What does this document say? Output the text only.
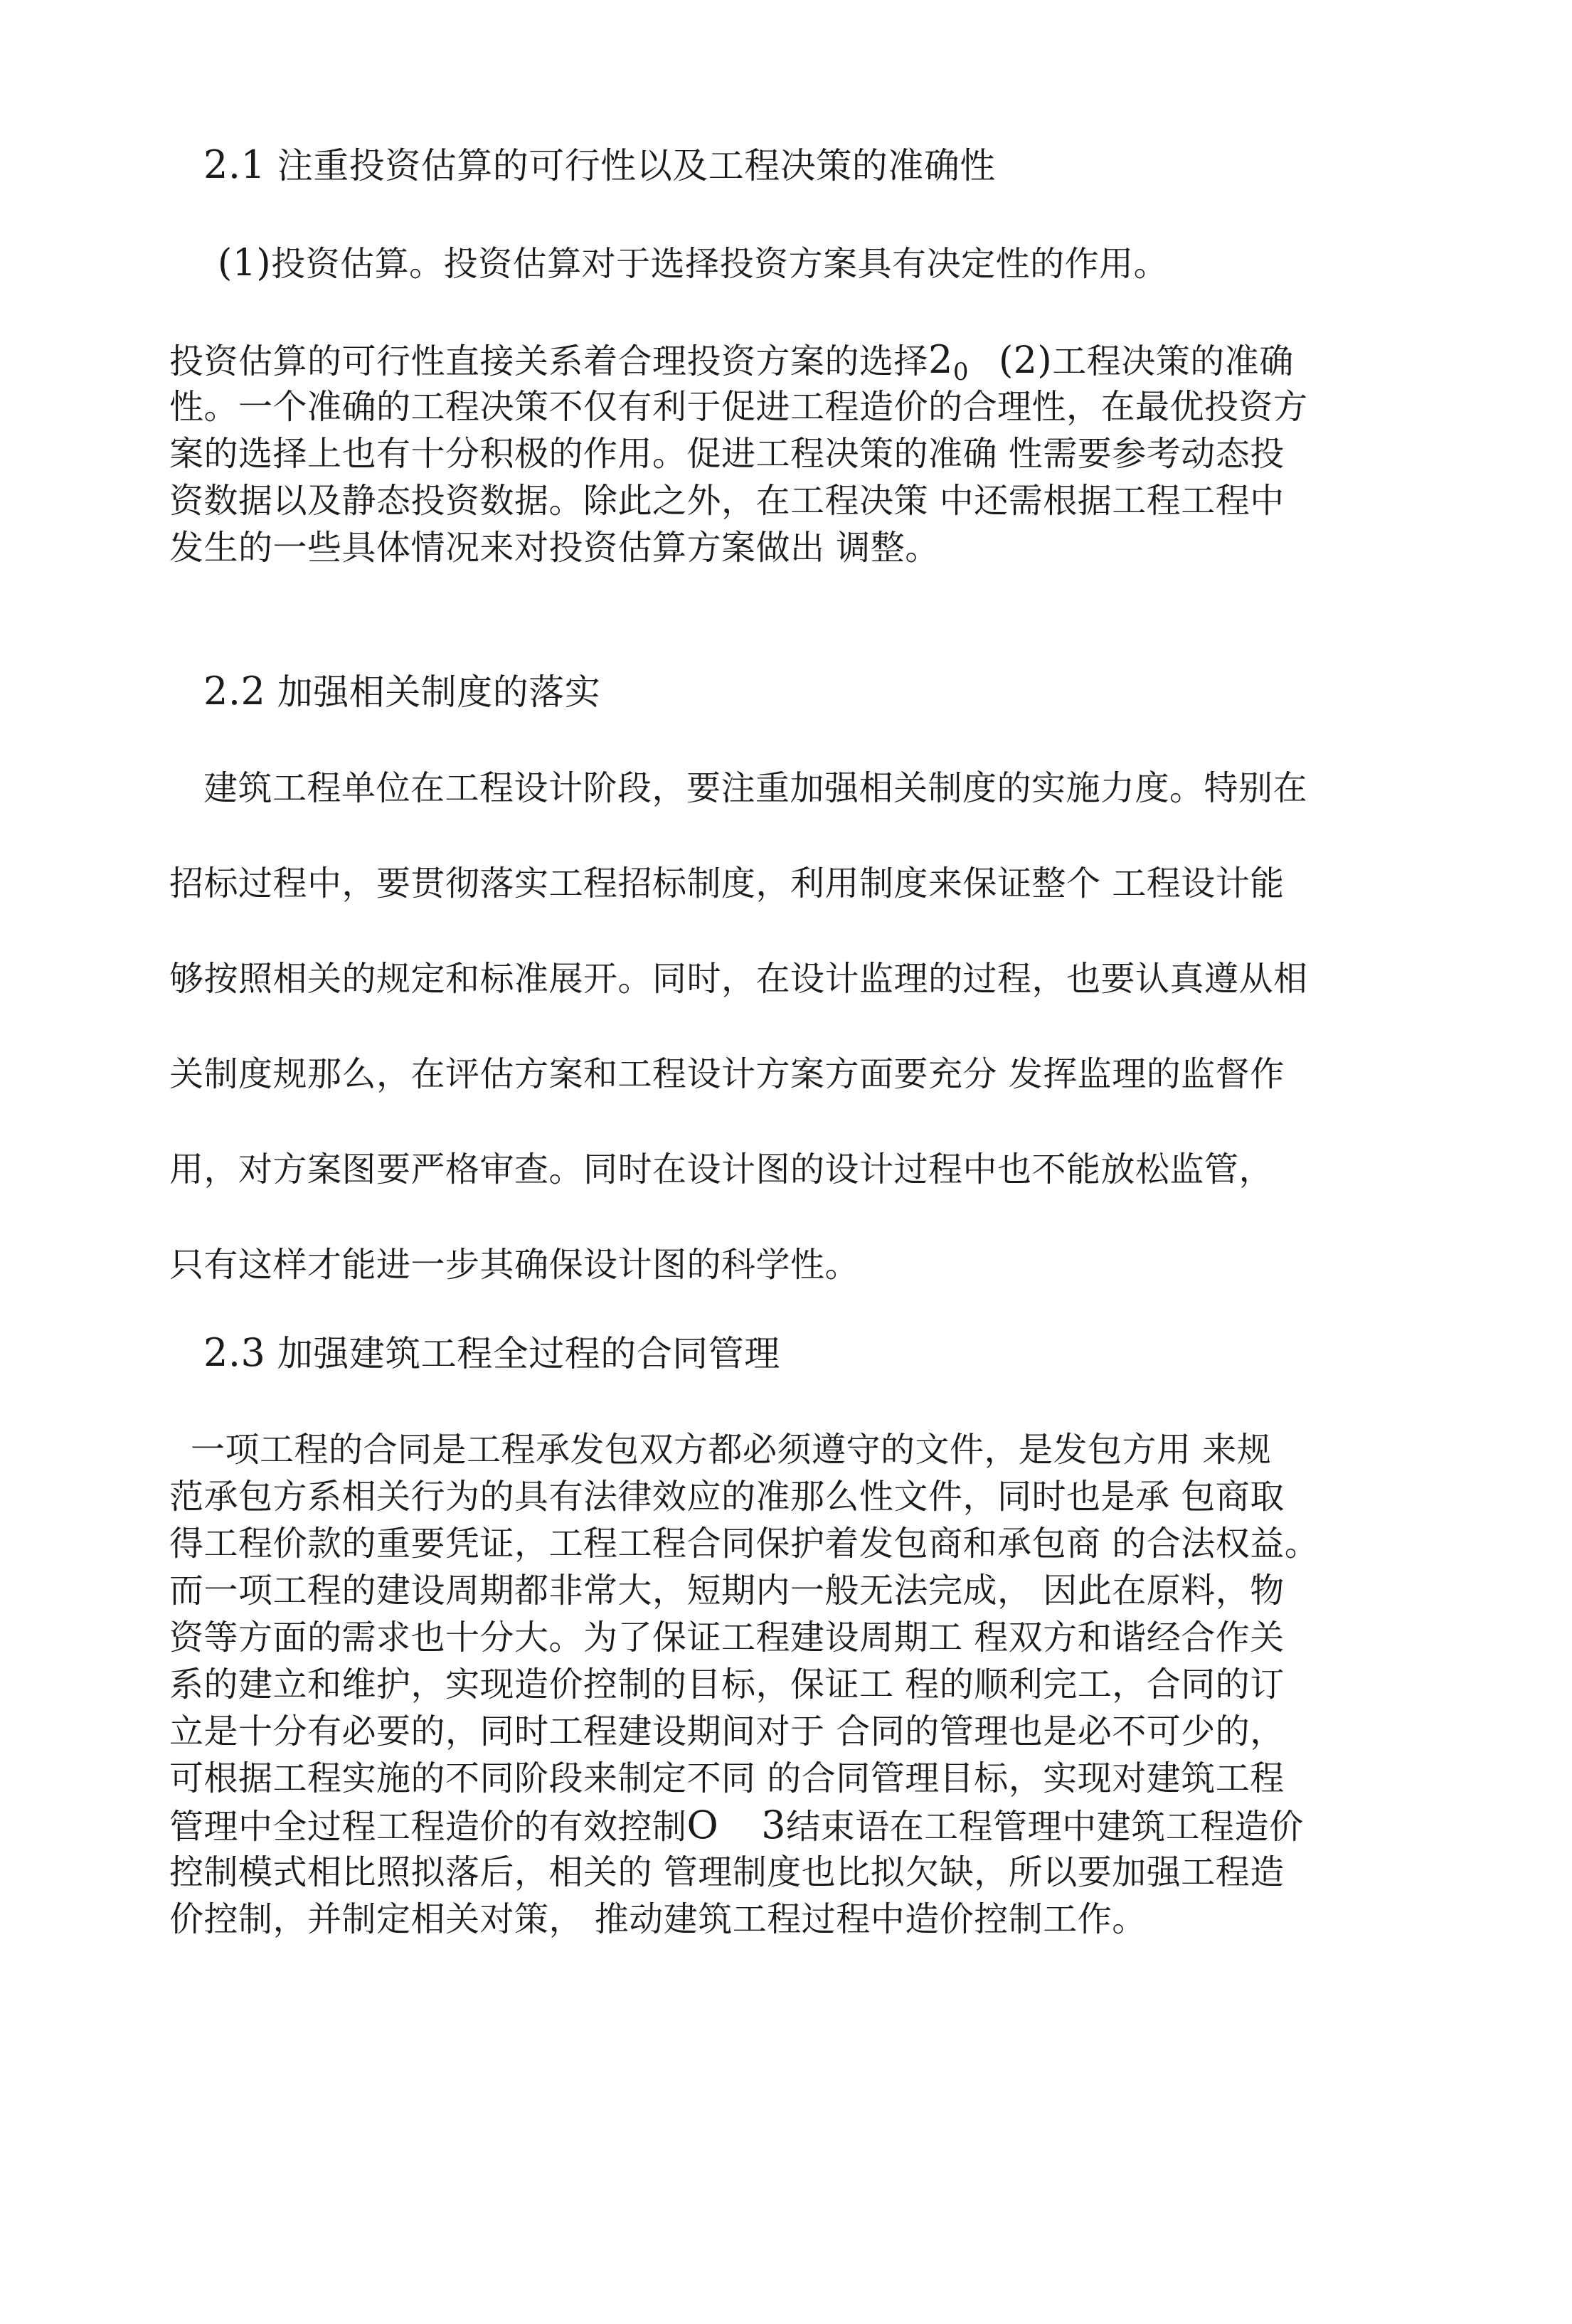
2.1 注重投资估算的可行性以及工程决策的准确性
(1)投资估算。投资估算对于选择投资方案具有决定性的作用。
投资估算的可行性直接关系着合理投资方案的选择$2_0$ (2)工程决策的准确
性。一个准确的工程决策不仅有利于促进工程造价的合理性，在最优投资方
案的选择上也有十分积极的作用。促进工程决策的准确 性需要参考动态投
资数据以及静态投资数据。除此之外，在工程决策 中还需根据工程工程中
发生的一些具体情况来对投资估算方案做出 调整。
2.2 加强相关制度的落实
建筑工程单位在工程设计阶段，要注重加强相关制度的实施力度。特别在
招标过程中，要贯彻落实工程招标制度，利用制度来保证整个 工程设计能
够按照相关的规定和标准展开。同时，在设计监理的过程，也要认真遵从相
关制度规那么，在评估方案和工程设计方案方面要充分 发挥监理的监督作
用，对方案图要严格审查。同时在设计图的设计过程中也不能放松监管，
只有这样才能进一步其确保设计图的科学性。
2.3 加强建筑工程全过程的合同管理
一项工程的合同是工程承发包双方都必须遵守的文件，是发包方用 来规
范承包方系相关行为的具有法律效应的准那么性文件，同时也是承 包商取
得工程价款的重要凭证，工程工程合同保护着发包商和承包商 的合法权益。
而一项工程的建设周期都非常大，短期内一般无法完成， 因此在原料，物
资等方面的需求也十分大。为了保证工程建设周期工 程双方和谐经合作关
系的建立和维护，实现造价控制的目标，保证工 程的顺利完工，合同的订
立是十分有必要的，同时工程建设期间对于 合同的管理也是必不可少的，
可根据工程实施的不同阶段来制定不同 的合同管理目标，实现对建筑工程
管理中全过程工程造价的有效控制O 3结束语在工程管理中建筑工程造价
控制模式相比照拟落后，相关的 管理制度也比拟欠缺，所以要加强工程造
价控制，并制定相关对策， 推动建筑工程过程中造价控制工作。
